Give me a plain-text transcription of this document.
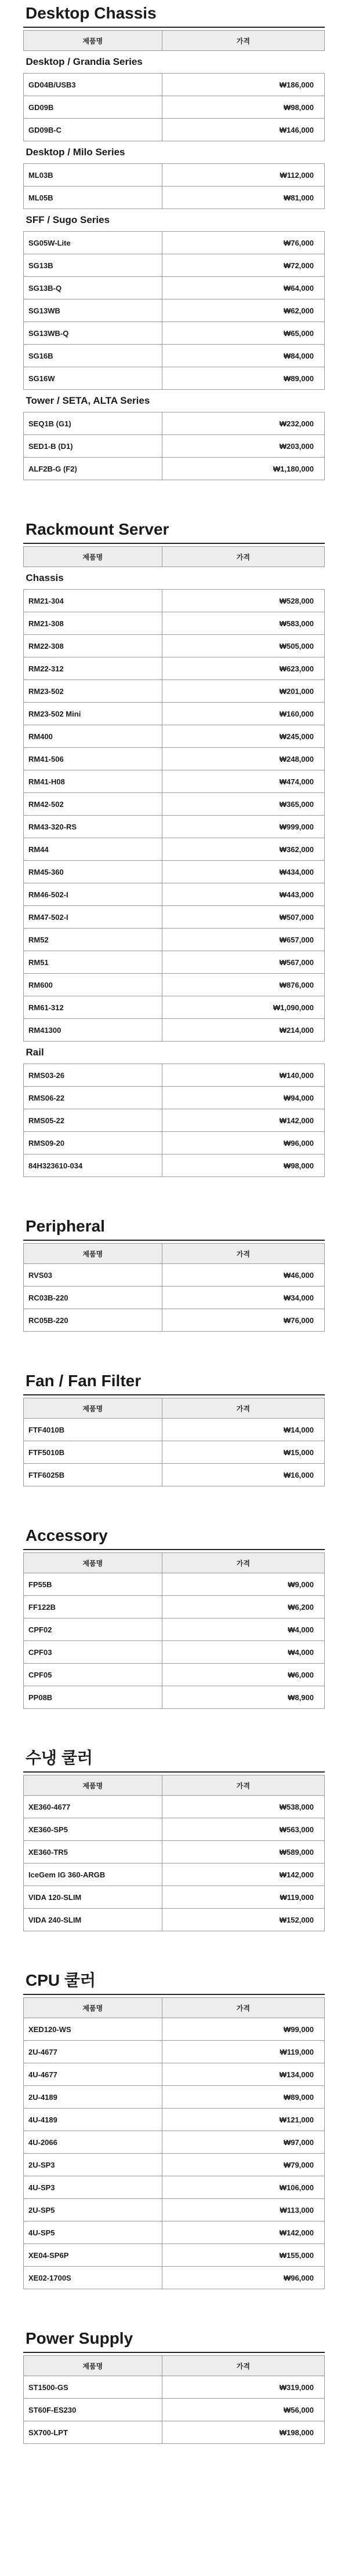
Desktop Chassis
제품명	가격
Desktop / Grandia Series	
GD04B/USB3	₩186,000
GD09B	₩98,000
GD09B-C	₩146,000
Desktop / Milo Series	
ML03B	₩112,000
ML05B	₩81,000
SFF / Sugo Series	
SG05W-Lite	₩76,000
SG13B	₩72,000
SG13B-Q	₩64,000
SG13WB	₩62,000
SG13WB-Q	₩65,000
SG16B	₩84,000
SG16W	₩89,000
Tower / SETA, ALTA Series	
SEQ1B (G1)	₩232,000
SED1-B (D1)	₩203,000
ALF2B-G (F2)	₩1,180,000
Rackmount Server
제품명	가격
Chassis	
RM21-304	₩528,000
RM21-308	₩583,000
RM22-308	₩505,000
RM22-312	₩623,000
RM23-502	₩201,000
RM23-502 Mini	₩160,000
RM400	₩245,000
RM41-506	₩248,000
RM41-H08	₩474,000
RM42-502	₩365,000
RM43-320-RS	₩999,000
RM44	₩362,000
RM45-360	₩434,000
RM46-502-I	₩443,000
RM47-502-I	₩507,000
RM52	₩657,000
RM51	₩567,000
RM600	₩876,000
RM61-312	₩1,090,000
RM41300	₩214,000
Rail	
RMS03-26	₩140,000
RMS06-22	₩94,000
RMS05-22	₩142,000
RMS09-20	₩96,000
84H323610-034	₩98,000
Peripheral
제품명	가격
RVS03	₩46,000
RC03B-220	₩34,000
RC05B-220	₩76,000
Fan / Fan Filter
제품명	가격
FTF4010B	₩14,000
FTF5010B	₩15,000
FTF6025B	₩16,000
Accessory
제품명	가격
FP55B	₩9,000
FF122B	₩6,200
CPF02	₩4,000
CPF03	₩4,000
CPF05	₩6,000
PP08B	₩8,900
수냉 쿨러
제품명	가격
XE360-4677	₩538,000
XE360-SP5	₩563,000
XE360-TR5	₩589,000
IceGem IG 360-ARGB	₩142,000
VIDA 120-SLIM	₩119,000
VIDA 240-SLIM	₩152,000
CPU 쿨러
제품명	가격
XED120-WS	₩99,000
2U-4677	₩119,000
4U-4677	₩134,000
2U-4189	₩89,000
4U-4189	₩121,000
4U-2066	₩97,000
2U-SP3	₩79,000
4U-SP3	₩106,000
2U-SP5	₩113,000
4U-SP5	₩142,000
XE04-SP6P	₩155,000
XE02-1700S	₩96,000
Power Supply
제품명	가격
ST1500-GS	₩319,000
ST60F-ES230	₩56,000
SX700-LPT	₩198,000
